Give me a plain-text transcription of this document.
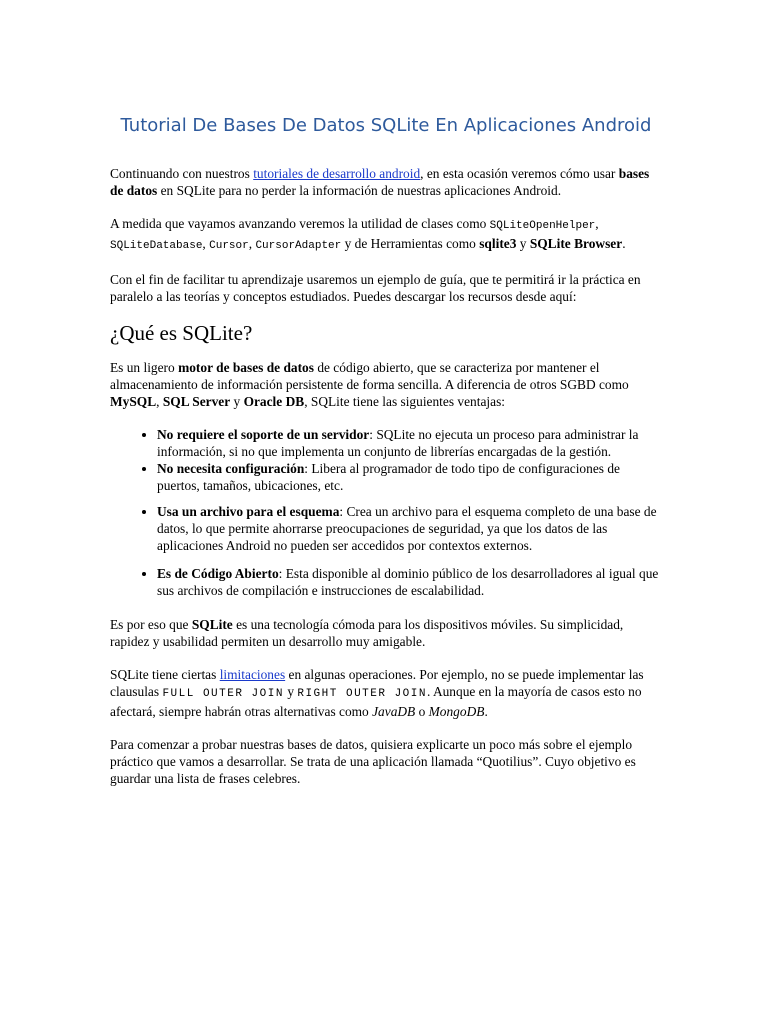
Tutorial De Bases De Datos SQLite En Aplicaciones Android

Continuando con nuestros tutoriales de desarrollo android, en esta ocasión veremos cómo usar bases de datos en SQLite para no perder la información de nuestras aplicaciones Android.

A medida que vayamos avanzando veremos la utilidad de clases como SQLiteOpenHelper, SQLiteDatabase, Cursor, CursorAdapter y de Herramientas como sqlite3 y SQLite Browser.

Con el fin de facilitar tu aprendizaje usaremos un ejemplo de guía, que te permitirá ir la práctica en paralelo a las teorías y conceptos estudiados. Puedes descargar los recursos desde aquí:

¿Qué es SQLite?

Es un ligero motor de bases de datos de código abierto, que se caracteriza por mantener el almacenamiento de información persistente de forma sencilla. A diferencia de otros SGBD como MySQL, SQL Server y Oracle DB, SQLite tiene las siguientes ventajas:

• No requiere el soporte de un servidor: SQLite no ejecuta un proceso para administrar la información, si no que implementa un conjunto de librerías encargadas de la gestión.
• No necesita configuración: Libera al programador de todo tipo de configuraciones de puertos, tamaños, ubicaciones, etc.
• Usa un archivo para el esquema: Crea un archivo para el esquema completo de una base de datos, lo que permite ahorrarse preocupaciones de seguridad, ya que los datos de las aplicaciones Android no pueden ser accedidos por contextos externos.
• Es de Código Abierto: Esta disponible al dominio público de los desarrolladores al igual que sus archivos de compilación e instrucciones de escalabilidad.

Es por eso que SQLite es una tecnología cómoda para los dispositivos móviles. Su simplicidad, rapidez y usabilidad permiten un desarrollo muy amigable.

SQLite tiene ciertas limitaciones en algunas operaciones. Por ejemplo, no se puede implementar las clausulas FULL OUTER JOIN y RIGHT OUTER JOIN. Aunque en la mayoría de casos esto no afectará, siempre habrán otras alternativas como JavaDB o MongoDB.

Para comenzar a probar nuestras bases de datos, quisiera explicarte un poco más sobre el ejemplo práctico que vamos a desarrollar. Se trata de una aplicación llamada “Quotilius”. Cuyo objetivo es guardar una lista de frases celebres.
